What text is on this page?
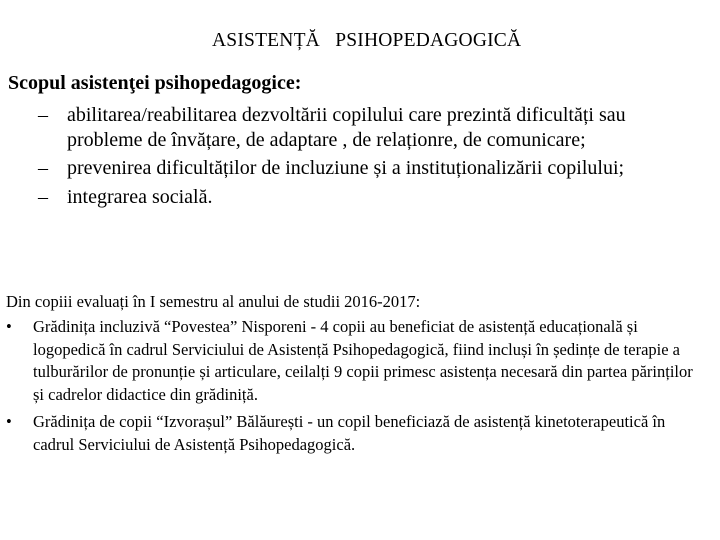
ASISTENȚĂ   PSIHOPEDAGOGICĂ
Scopul asistenţei psihopedagogice:
– abilitarea/reabilitarea dezvoltării copilului care prezintă dificultăți sau probleme de învățare, de adaptare , de relaționre, de comunicare;
– prevenirea dificultăților de incluziune și a instituționalizării copilului;
– integrarea socială.
Din copiii evaluați în I semestru al anului de studii 2016-2017:
• Grădinița incluzivă “Povestea” Nisporeni - 4 copii au beneficiat de asistență educațională și logopedică în cadrul Serviciului de Asistență Psihopedagogică, fiind incluși în ședințe de terapie a tulburărilor de pronunție și articulare, ceilalți 9 copii primesc asistența necesară din partea părinților și cadrelor didactice din grădiniță.
• Grădinița de copii “Izvorașul” Bălăurești - un copil beneficiază de asistență kinetoterapeutică în cadrul Serviciului de Asistență Psihopedagogică.
